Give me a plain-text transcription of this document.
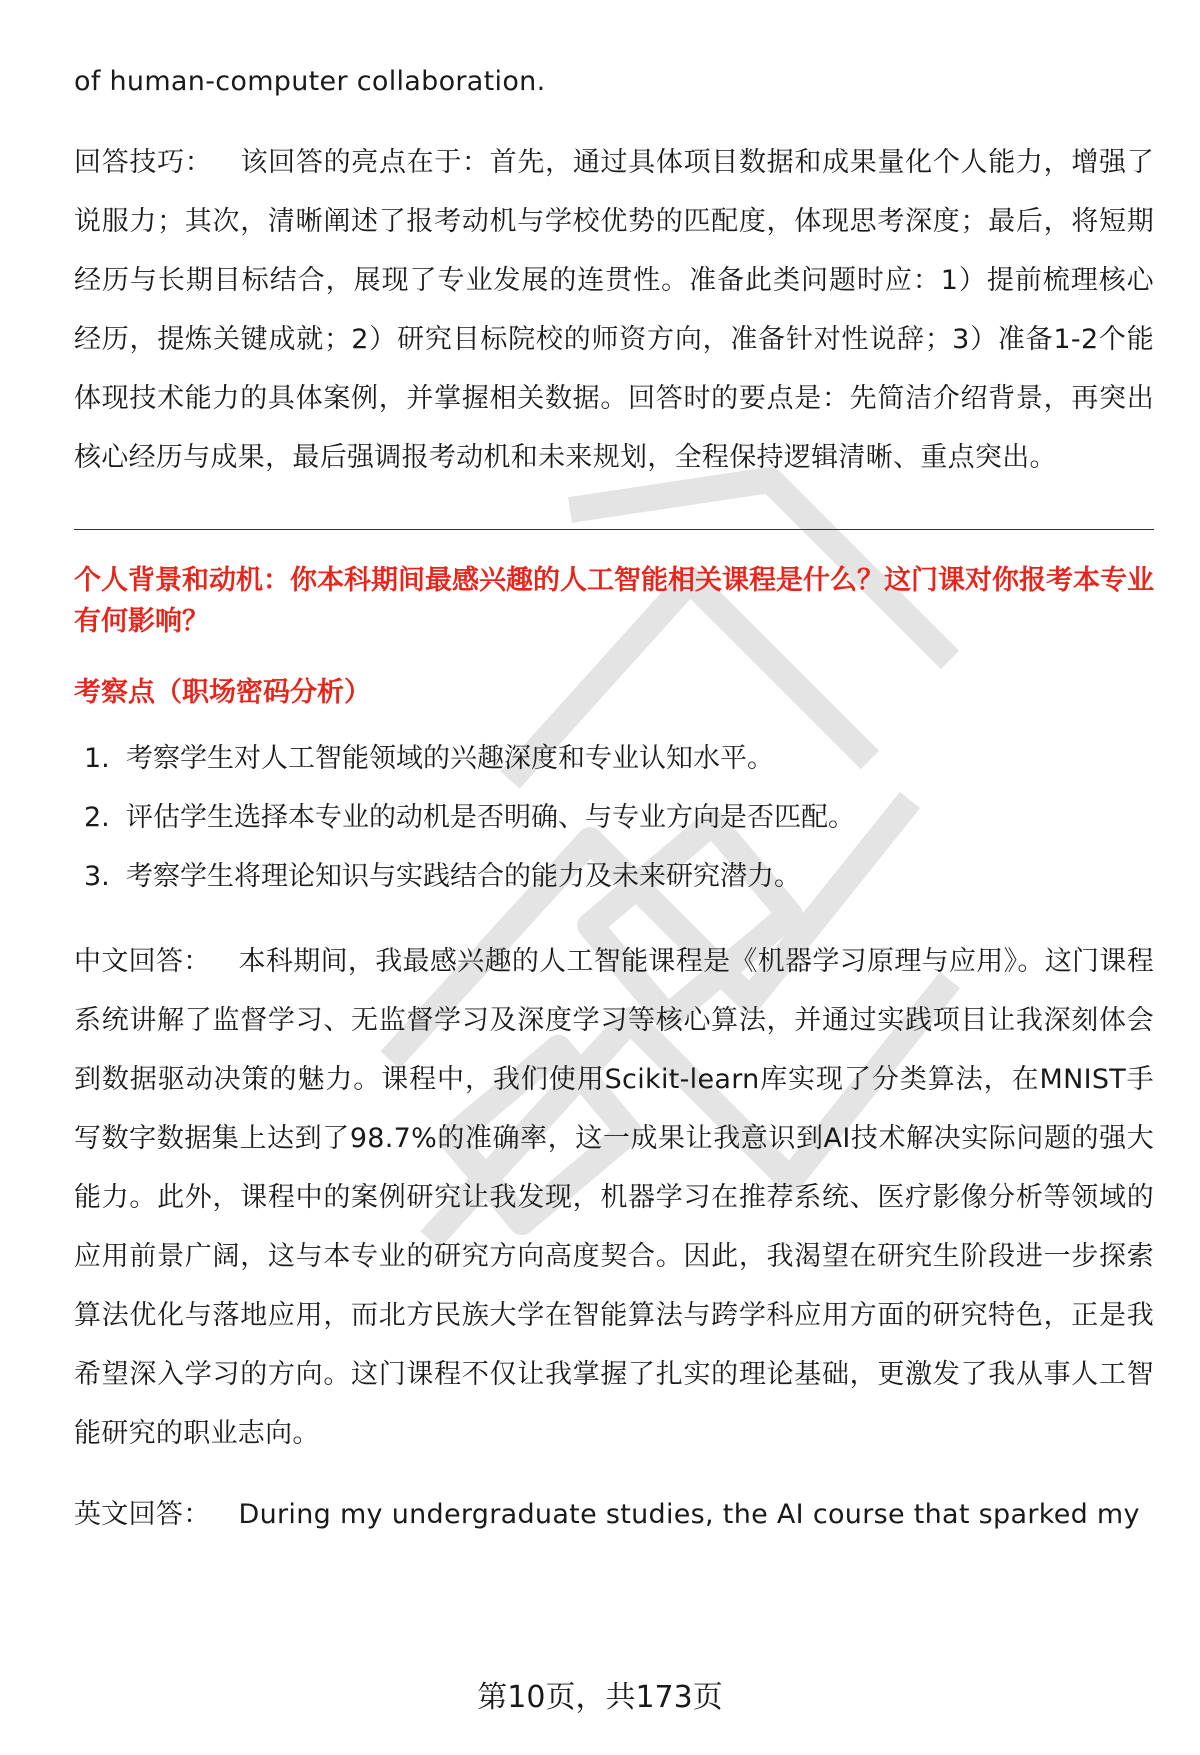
of human-computer collaboration.

回答技巧： 该回答的亮点在于：首先，通过具体项目数据和成果量化个人能力，增强了说服力；其次，清晰阐述了报考动机与学校优势的匹配度，体现思考深度；最后，将短期经历与长期目标结合，展现了专业发展的连贯性。准备此类问题时应：1）提前梳理核心经历，提炼关键成就；2）研究目标院校的师资方向，准备针对性说辞；3）准备1-2个能体现技术能力的具体案例，并掌握相关数据。回答时的要点是：先简洁介绍背景，再突出核心经历与成果，最后强调报考动机和未来规划，全程保持逻辑清晰、重点突出。

个人背景和动机：你本科期间最感兴趣的人工智能相关课程是什么？这门课对你报考本专业有何影响？

考察点（职场密码分析）

1. 考察学生对人工智能领域的兴趣深度和专业认知水平。
2. 评估学生选择本专业的动机是否明确、与专业方向是否匹配。
3. 考察学生将理论知识与实践结合的能力及未来研究潜力。

中文回答： 本科期间，我最感兴趣的人工智能课程是《机器学习原理与应用》。这门课程系统讲解了监督学习、无监督学习及深度学习等核心算法，并通过实践项目让我深刻体会到数据驱动决策的魅力。课程中，我们使用Scikit-learn库实现了分类算法，在MNIST手写数字数据集上达到了98.7%的准确率，这一成果让我意识到AI技术解决实际问题的强大能力。此外，课程中的案例研究让我发现，机器学习在推荐系统、医疗影像分析等领域的应用前景广阔，这与本专业的研究方向高度契合。因此，我渴望在研究生阶段进一步探索算法优化与落地应用，而北方民族大学在智能算法与跨学科应用方面的研究特色，正是我希望深入学习的方向。这门课程不仅让我掌握了扎实的理论基础，更激发了我从事人工智能研究的职业志向。

英文回答： During my undergraduate studies, the AI course that sparked my

第10页，共173页
